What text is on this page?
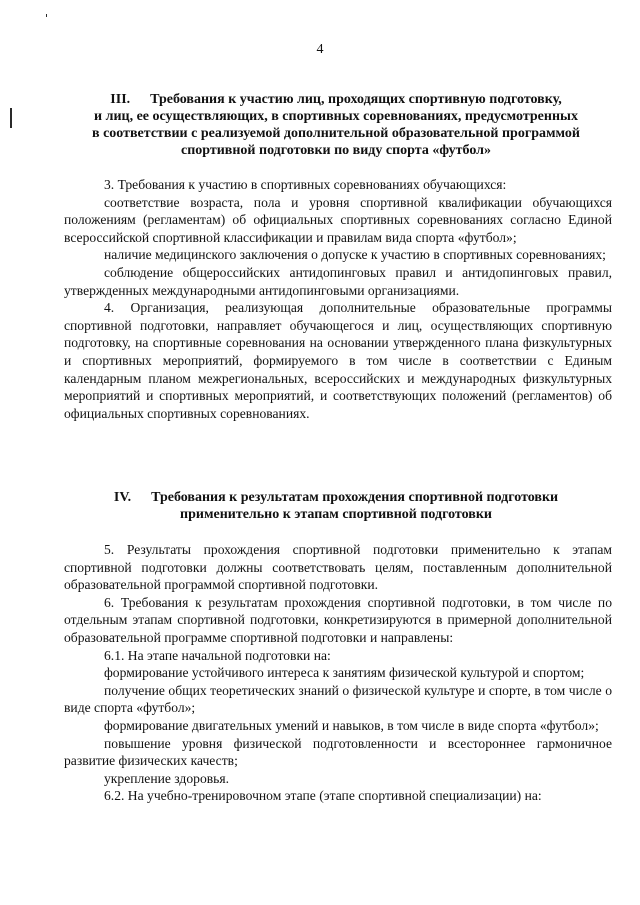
4
III. Требования к участию лиц, проходящих спортивную подготовку,
и лиц, ее осуществляющих, в спортивных соревнованиях, предусмотренных
в соответствии с реализуемой дополнительной образовательной программой
спортивной подготовки по виду спорта «футбол»

3. Требования к участию в спортивных соревнованиях обучающихся:

соответствие возраста, пола и уровня спортивной квалификации обучающихся положениям (регламентам) об официальных спортивных соревнованиях согласно Единой всероссийской спортивной классификации и правилам вида спорта «футбол»;

наличие медицинского заключения о допуске к участию в спортивных соревнованиях;

соблюдение общероссийских антидопинговых правил и антидопинговых правил, утвержденных международными антидопинговыми организациями.

4. Организация, реализующая дополнительные образовательные программы спортивной подготовки, направляет обучающегося и лиц, осуществляющих спортивную подготовку, на спортивные соревнования на основании утвержденного плана физкультурных и спортивных мероприятий, формируемого в том числе в соответствии с Единым календарным планом межрегиональных, всероссийских и международных физкультурных мероприятий и спортивных мероприятий, и соответствующих положений (регламентов) об официальных спортивных соревнованиях.

IV. Требования к результатам прохождения спортивной подготовки
применительно к этапам спортивной подготовки

5. Результаты прохождения спортивной подготовки применительно к этапам спортивной подготовки должны соответствовать целям, поставленным дополнительной образовательной программой спортивной подготовки.

6. Требования к результатам прохождения спортивной подготовки, в том числе по отдельным этапам спортивной подготовки, конкретизируются в примерной дополнительной образовательной программе спортивной подготовки и направлены:

6.1. На этапе начальной подготовки на:

формирование устойчивого интереса к занятиям физической культурой и спортом;

получение общих теоретических знаний о физической культуре и спорте, в том числе о виде спорта «футбол»;

формирование двигательных умений и навыков, в том числе в виде спорта «футбол»;

повышение уровня физической подготовленности и всестороннее гармоничное развитие физических качеств;

укрепление здоровья.

6.2. На учебно-тренировочном этапе (этапе спортивной специализации) на:
